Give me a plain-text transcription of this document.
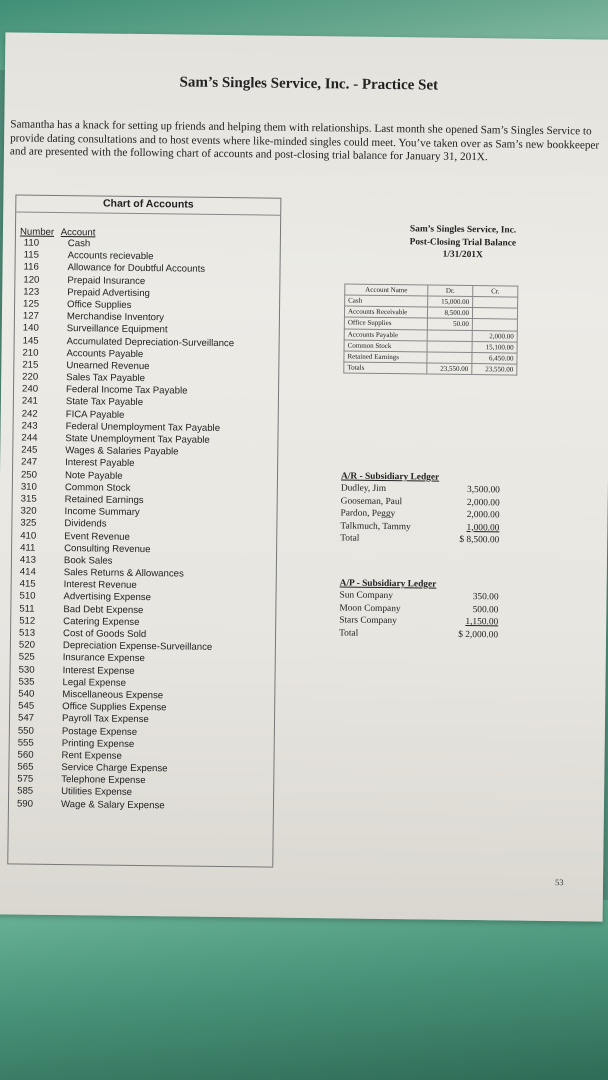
Sam’s Singles Service, Inc. - Practice Set
Samantha has a knack for setting up friends and helping them with relationships. Last month she opened Sam’s Singles Service to provide dating consultations and to host events where like-minded singles could meet. You’ve taken over as Sam’s new bookkeeper and are presented with the following chart of accounts and post-closing trial balance for January 31, 201X.
Chart of Accounts
Number Account
110	Cash
115	Accounts recievable
116	Allowance for Doubtful Accounts
120	Prepaid Insurance
123	Prepaid Advertising
125	Office Supplies
127	Merchandise Inventory
140	Surveillance Equipment
145	Accumulated Depreciation-Surveillance
210	Accounts Payable
215	Unearned Revenue
220	Sales Tax Payable
240	Federal Income Tax Payable
241	State Tax Payable
242	FICA Payable
243	Federal Unemployment Tax Payable
244	State Unemployment Tax Payable
245	Wages & Salaries Payable
247	Interest Payable
250	Note Payable
310	Common Stock
315	Retained Earnings
320	Income Summary
325	Dividends
410	Event Revenue
411	Consulting Revenue
413	Book Sales
414	Sales Returns & Allowances
415	Interest Revenue
510	Advertising Expense
511	Bad Debt Expense
512	Catering Expense
513	Cost of Goods Sold
520	Depreciation Expense-Surveillance
525	Insurance Expense
530	Interest Expense
535	Legal Expense
540	Miscellaneous Expense
545	Office Supplies Expense
547	Payroll Tax Expense
550	Postage Expense
555	Printing Expense
560	Rent Expense
565	Service Charge Expense
575	Telephone Expense
585	Utilities Expense
590	Wage & Salary Expense
Sam’s Singles Service, Inc.
Post-Closing Trial Balance
1/31/201X
Account Name	Dr.	Cr.
Cash	15,000.00	
Accounts Receivable	8,500.00	
Office Supplies	50.00	
Accounts Payable		2,000.00
Common Stock		15,100.00
Retained Earnings		6,450.00
Totals	23,550.00	23,550.00
A/R - Subsidiary Ledger
Dudley, Jim	3,500.00
Gooseman, Paul	2,000.00
Pardon, Peggy	2,000.00
Talkmuch, Tammy	1,000.00
Total	$ 8,500.00
A/P - Subsidiary Ledger
Sun Company	350.00
Moon Company	500.00
Stars Company	1,150.00
Total	$ 2,000.00
53
